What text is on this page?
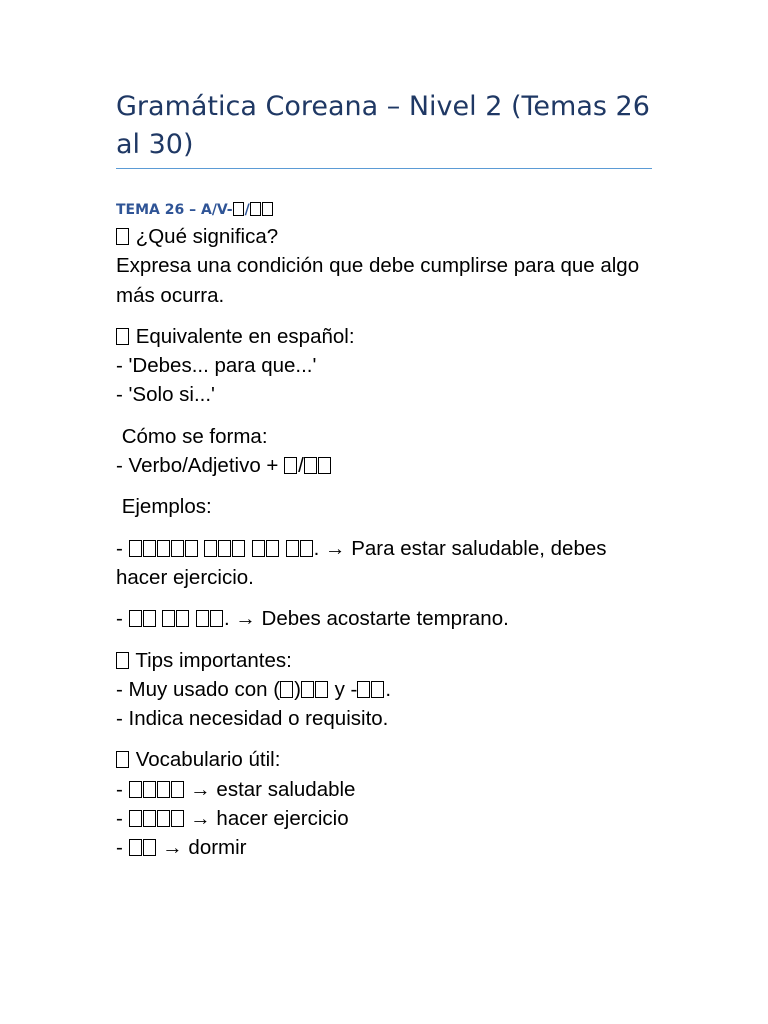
Gramática Coreana – Nivel 2 (Temas 26 al 30)
TEMA 26 – A/V- /

¿Qué significa?
Expresa una condición que debe cumplirse para que algo más ocurra.

Equivalente en español:
- 'Debes... para que...'
- 'Solo si...'

Cómo se forma:
- Verbo/Adjetivo + /

Ejemplos:

-	. → Para estar saludable, debes hacer ejercicio.

-	. → Debes acostarte temprano.

Tips importantes:
- Muy usado con ( ) y - .
- Indica necesidad o requisito.

Vocabulario útil:
-	→ estar saludable
-	→ hacer ejercicio
-  → dormir
